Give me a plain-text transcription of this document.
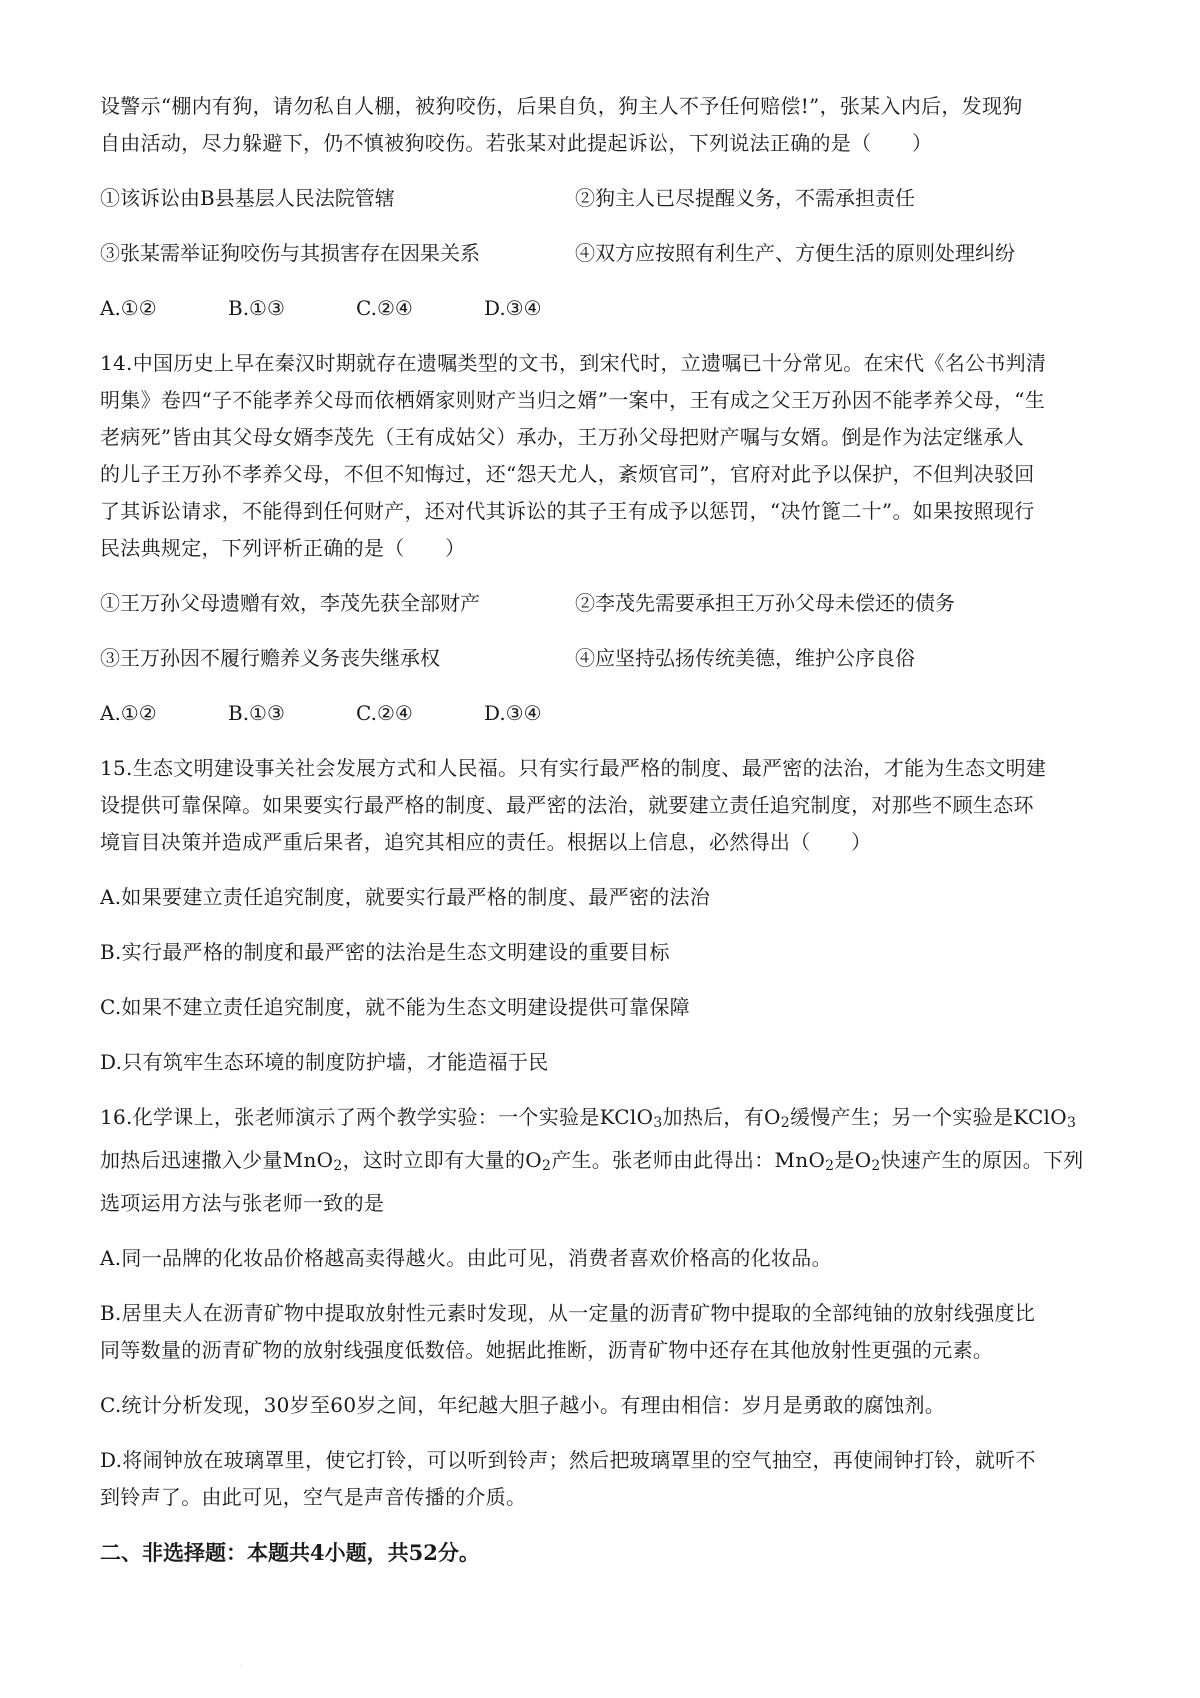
设警示“棚内有狗，请勿私自人棚，被狗咬伤，后果自负，狗主人不予任何赔偿!”，张某入内后，发现狗

自由活动，尽力躲避下，仍不慎被狗咬伤。若张某对此提起诉讼，下列说法正确的是（　　）

①该诉讼由B县基层人民法院管辖	②狗主人已尽提醒义务，不需承担责任
③张某需举证狗咬伤与其损害存在因果关系	④双方应按照有利生产、方便生活的原则处理纠纷
A.①②	B.①③	C.②④	D.③④

14.中国历史上早在秦汉时期就存在遗嘱类型的文书，到宋代时，立遗嘱已十分常见。在宋代《名公书判清

明集》卷四“子不能孝养父母而依栖婿家则财产当归之婿”一案中，王有成之父王万孙因不能孝养父母，“生

老病死”皆由其父母女婿李茂先（王有成姑父）承办，王万孙父母把财产嘱与女婿。倒是作为法定继承人

的儿子王万孙不孝养父母，不但不知悔过，还“怨天尤人，紊烦官司”，官府对此予以保护，不但判决驳回

了其诉讼请求，不能得到任何财产，还对代其诉讼的其子王有成予以惩罚，“决竹篦二十”。如果按照现行

民法典规定，下列评析正确的是（　　）

①王万孙父母遗赠有效，李茂先获全部财产	②李茂先需要承担王万孙父母未偿还的债务
③王万孙因不履行赡养义务丧失继承权	④应坚持弘扬传统美德，维护公序良俗
A.①②	B.①③	C.②④	D.③④

15.生态文明建设事关社会发展方式和人民福。只有实行最严格的制度、最严密的法治，才能为生态文明建

设提供可靠保障。如果要实行最严格的制度、最严密的法治，就要建立责任追究制度，对那些不顾生态环

境盲目决策并造成严重后果者，追究其相应的责任。根据以上信息，必然得出（　　）

A.如果要建立责任追究制度，就要实行最严格的制度、最严密的法治

B.实行最严格的制度和最严密的法治是生态文明建设的重要目标

C.如果不建立责任追究制度，就不能为生态文明建设提供可靠保障

D.只有筑牢生态环境的制度防护墙，才能造福于民

16.化学课上，张老师演示了两个教学实验：一个实验是KClO$_3$加热后，有$O_2$缓慢产生；另一个实验是KClO$_3$

加热后迅速撒入少量MnO$_2$，这时立即有大量的$O_2$产生。张老师由此得出：MnO$_2$是$O_2$快速产生的原因。下列

选项运用方法与张老师一致的是

A.同一品牌的化妆品价格越高卖得越火。由此可见，消费者喜欢价格高的化妆品。

B.居里夫人在沥青矿物中提取放射性元素时发现，从一定量的沥青矿物中提取的全部纯铀的放射线强度比

同等数量的沥青矿物的放射线强度低数倍。她据此推断，沥青矿物中还存在其他放射性更强的元素。

C.统计分析发现，30岁至60岁之间，年纪越大胆子越小。有理由相信：岁月是勇敢的腐蚀剂。

D.将闹钟放在玻璃罩里，使它打铃，可以听到铃声；然后把玻璃罩里的空气抽空，再使闹钟打铃，就听不

到铃声了。由此可见，空气是声音传播的介质。

二、非选择题：本题共4小题，共52分。

·
